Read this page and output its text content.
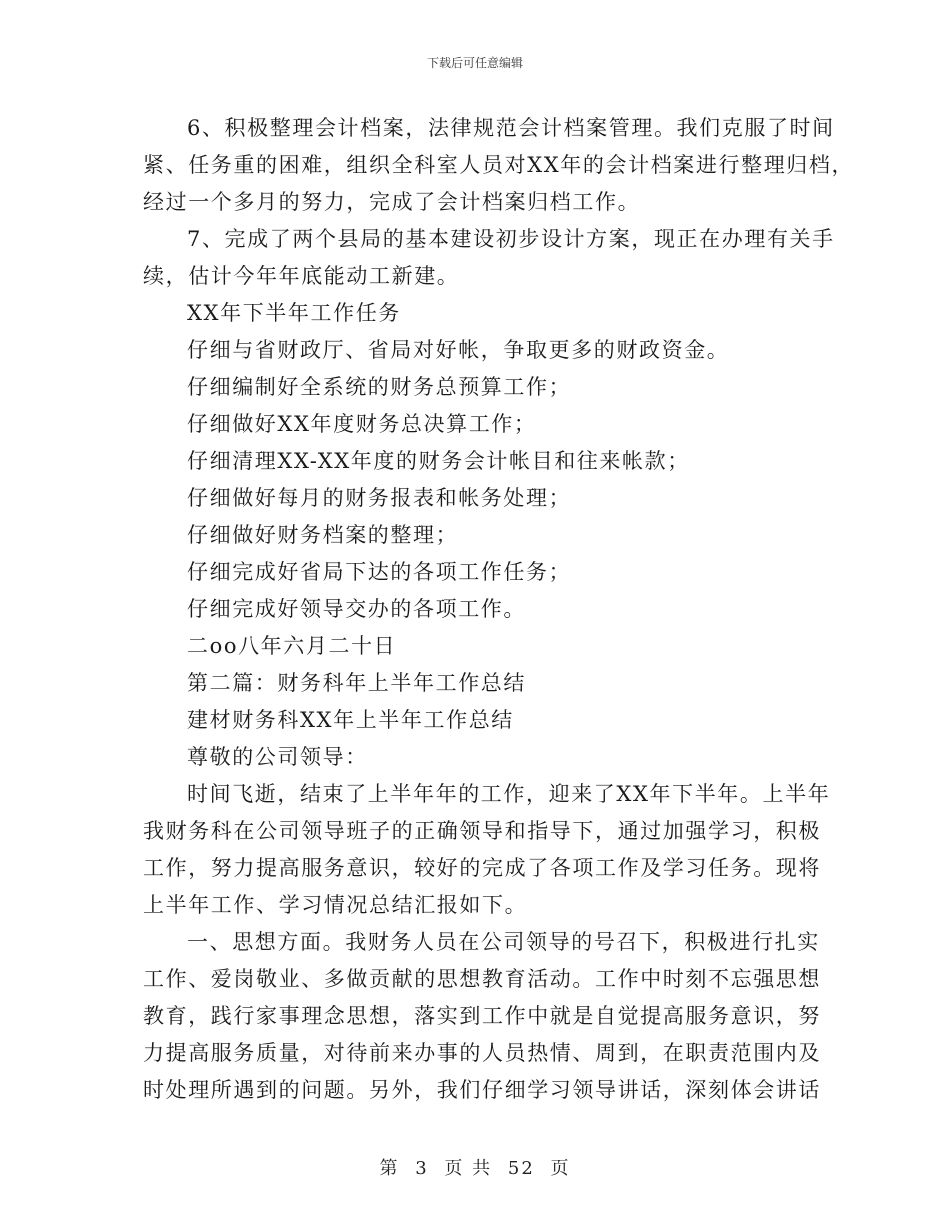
下载后可任意编辑
6、积极整理会计档案，法律规范会计档案管理。我们克服了时间
紧、任务重的困难，组织全科室人员对XX年的会计档案进行整理归档，
经过一个多月的努力，完成了会计档案归档工作。
7、完成了两个县局的基本建设初步设计方案，现正在办理有关手
续，估计今年年底能动工新建。
XX年下半年工作任务
仔细与省财政厅、省局对好帐，争取更多的财政资金。
仔细编制好全系统的财务总预算工作；
仔细做好XX年度财务总决算工作；
仔细清理XX-XX年度的财务会计帐目和往来帐款；
仔细做好每月的财务报表和帐务处理；
仔细做好财务档案的整理；
仔细完成好省局下达的各项工作任务；
仔细完成好领导交办的各项工作。
二oo八年六月二十日
第二篇：财务科年上半年工作总结
建材财务科XX年上半年工作总结
尊敬的公司领导：
时间飞逝，结束了上半年年的工作，迎来了XX年下半年。上半年
我财务科在公司领导班子的正确领导和指导下，通过加强学习，积极
工作，努力提高服务意识，较好的完成了各项工作及学习任务。现将
上半年工作、学习情况总结汇报如下。
一、思想方面。我财务人员在公司领导的号召下，积极进行扎实
工作、爱岗敬业、多做贡献的思想教育活动。工作中时刻不忘强思想
教育，践行家事理念思想，落实到工作中就是自觉提高服务意识，努
力提高服务质量，对待前来办事的人员热情、周到，在职责范围内及
时处理所遇到的问题。另外，我们仔细学习领导讲话，深刻体会讲话
第 3 页 共 52 页
